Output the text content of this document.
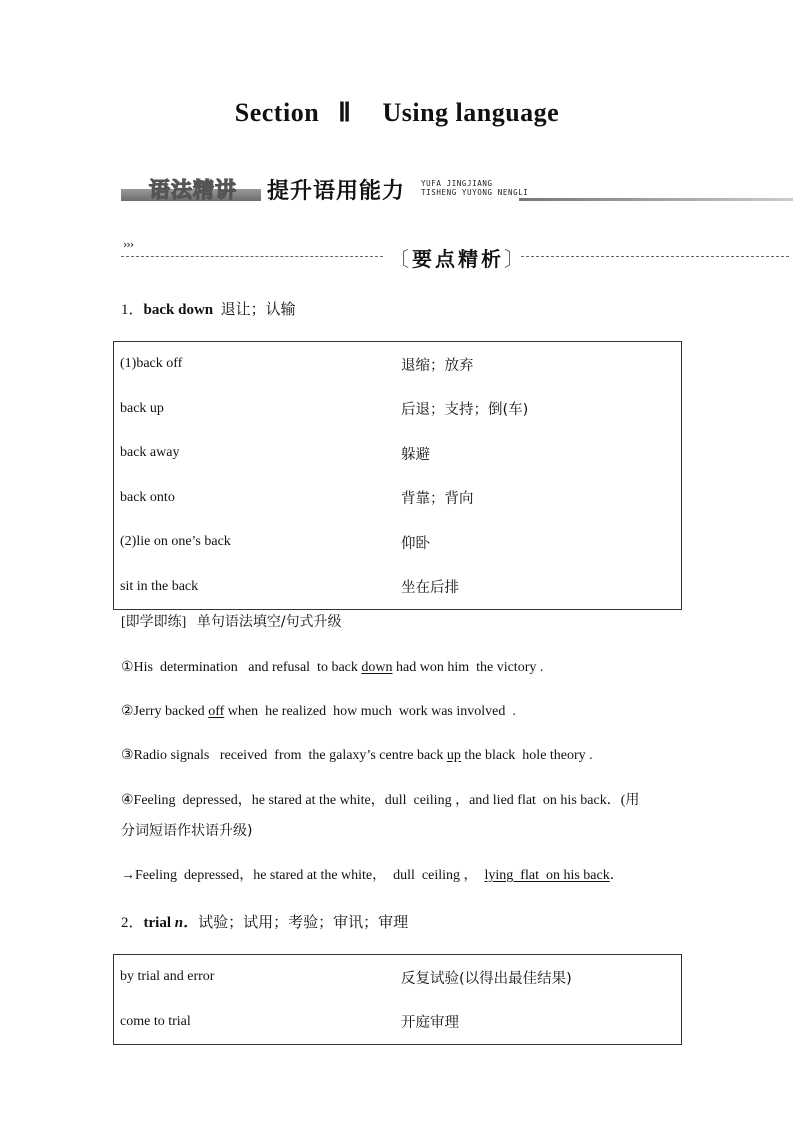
Section Ⅱ Using language
语法精讲 提升语用能力 YUFA JINGJIANG
TISHENG YUYONG NENGLI
›››
〔要点精析〕
1．back down 退让；认输
(1)back off	退缩；放弃
back up	后退；支持；倒(车)
back away	躲避
back onto	背靠；背向
(2)lie on one’s back	仰卧
sit in the back	坐在后排
[即学即练] 单句语法填空/句式升级
①His  determination   and refusal  to back down had won him  the victory .
②Jerry backed off when  he realized  how much  work was involved  .
③Radio signals   received  from  the galaxy’s centre back up the black  hole theory .
④Feeling  depressed，he stared at the white，dull  ceiling ，and lied flat  on his back．(用
分词短语作状语升级)
→Feeling  depressed，he stared at the white，  dull  ceiling ，  lying  flat  on his back．
2．trial n．试验；试用；考验；审讯；审理
by trial and error	反复试验(以得出最佳结果)
come to trial	开庭审理
